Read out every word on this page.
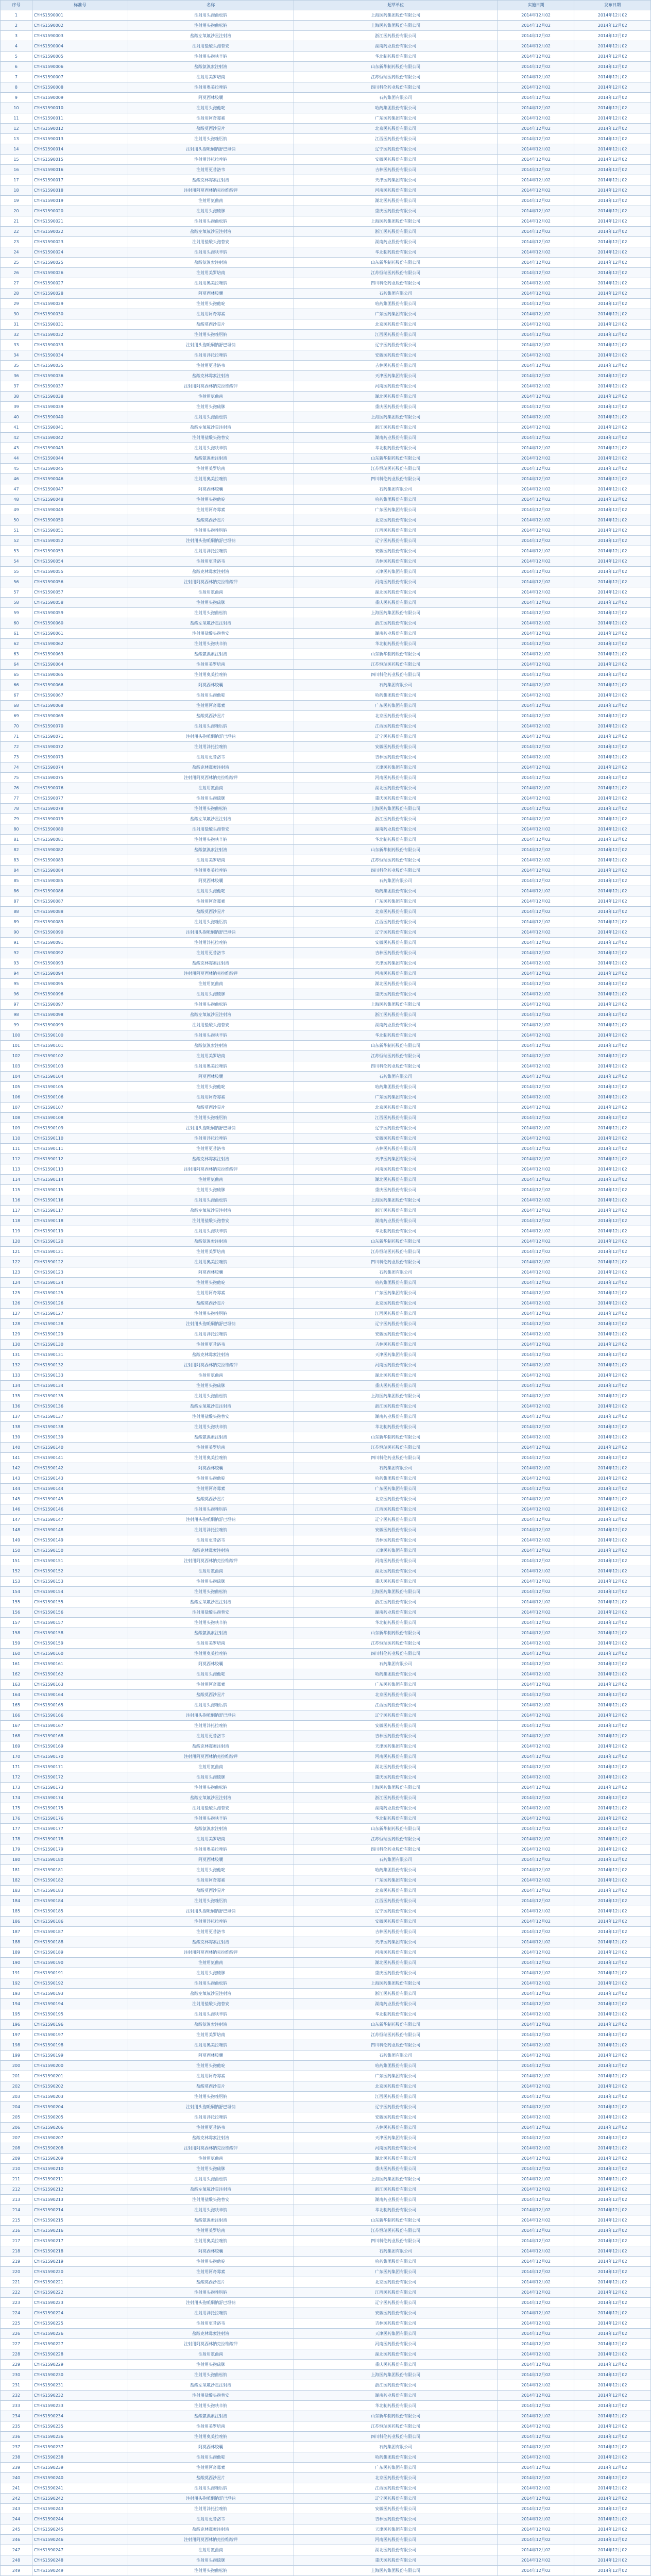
序号	标准号	名称	起草单位	实施日期	发布日期
1	CYHS1590001	注射用头孢曲松钠	上海医药集团股份有限公司	2014年12月02	2014年12月02
2	CYHS1590002	注射用头孢曲松钠	上海医药集团股份有限公司	2014年12月02	2014年12月02
3	CYHS1590003	盐酸左氧氟沙星注射液	浙江医药股份有限公司	2014年12月02	2014年12月02
4	CYHS1590004	注射用盐酸头孢替安	湖南药业股份有限公司	2014年12月02	2014年12月02
5	CYHS1590005	注射用头孢呋辛钠	华北制药股份有限公司	2014年12月02	2014年12月02
6	CYHS1590006	盐酸氨溴索注射液	山东新华制药股份有限公司	2014年12月02	2014年12月02
7	CYHS1590007	注射用美罗培南	江苏恒瑞医药股份有限公司	2014年12月02	2014年12月02
8	CYHS1590008	注射用奥美拉唑钠	四川科伦药业股份有限公司	2014年12月02	2014年12月02
9	CYHS1590009	阿莫西林胶囊	石药集团有限公司	2014年12月02	2014年12月02
10	CYHS1590010	注射用头孢他啶	哈药集团股份有限公司	2014年12月02	2014年12月02
11	CYHS1590011	注射用阿奇霉素	广东医药集团有限公司	2014年12月02	2014年12月02
12	CYHS1590012	盐酸莫西沙星片	北京医药股份有限公司	2014年12月02	2014年12月02
13	CYHS1590013	注射用头孢唑肟钠	江西医药股份有限公司	2014年12月02	2014年12月02
14	CYHS1590014	注射用头孢哌酮钠舒巴坦钠	辽宁医药股份有限公司	2014年12月02	2014年12月02
15	CYHS1590015	注射用泮托拉唑钠	安徽医药股份有限公司	2014年12月02	2014年12月02
16	CYHS1590016	注射用更昔洛韦	吉林医药股份有限公司	2014年12月02	2014年12月02
17	CYHS1590017	盐酸克林霉素注射液	天津医药集团有限公司	2014年12月02	2014年12月02
18	CYHS1590018	注射用阿莫西林钠克拉维酸钾	河南医药股份有限公司	2014年12月02	2014年12月02
19	CYHS1590019	注射用氨曲南	湖北医药股份有限公司	2014年12月02	2014年12月02
20	CYHS1590020	注射用头孢硫脒	重庆医药股份有限公司	2014年12月02	2014年12月02
21	CYHS1590021	注射用头孢曲松钠	上海医药集团股份有限公司	2014年12月02	2014年12月02
22	CYHS1590022	盐酸左氧氟沙星注射液	浙江医药股份有限公司	2014年12月02	2014年12月02
23	CYHS1590023	注射用盐酸头孢替安	湖南药业股份有限公司	2014年12月02	2014年12月02
24	CYHS1590024	注射用头孢呋辛钠	华北制药股份有限公司	2014年12月02	2014年12月02
25	CYHS1590025	盐酸氨溴索注射液	山东新华制药股份有限公司	2014年12月02	2014年12月02
26	CYHS1590026	注射用美罗培南	江苏恒瑞医药股份有限公司	2014年12月02	2014年12月02
27	CYHS1590027	注射用奥美拉唑钠	四川科伦药业股份有限公司	2014年12月02	2014年12月02
28	CYHS1590028	阿莫西林胶囊	石药集团有限公司	2014年12月02	2014年12月02
29	CYHS1590029	注射用头孢他啶	哈药集团股份有限公司	2014年12月02	2014年12月02
30	CYHS1590030	注射用阿奇霉素	广东医药集团有限公司	2014年12月02	2014年12月02
31	CYHS1590031	盐酸莫西沙星片	北京医药股份有限公司	2014年12月02	2014年12月02
32	CYHS1590032	注射用头孢唑肟钠	江西医药股份有限公司	2014年12月02	2014年12月02
33	CYHS1590033	注射用头孢哌酮钠舒巴坦钠	辽宁医药股份有限公司	2014年12月02	2014年12月02
34	CYHS1590034	注射用泮托拉唑钠	安徽医药股份有限公司	2014年12月02	2014年12月02
35	CYHS1590035	注射用更昔洛韦	吉林医药股份有限公司	2014年12月02	2014年12月02
36	CYHS1590036	盐酸克林霉素注射液	天津医药集团有限公司	2014年12月02	2014年12月02
37	CYHS1590037	注射用阿莫西林钠克拉维酸钾	河南医药股份有限公司	2014年12月02	2014年12月02
38	CYHS1590038	注射用氨曲南	湖北医药股份有限公司	2014年12月02	2014年12月02
39	CYHS1590039	注射用头孢硫脒	重庆医药股份有限公司	2014年12月02	2014年12月02
40	CYHS1590040	注射用头孢曲松钠	上海医药集团股份有限公司	2014年12月02	2014年12月02
41	CYHS1590041	盐酸左氧氟沙星注射液	浙江医药股份有限公司	2014年12月02	2014年12月02
42	CYHS1590042	注射用盐酸头孢替安	湖南药业股份有限公司	2014年12月02	2014年12月02
43	CYHS1590043	注射用头孢呋辛钠	华北制药股份有限公司	2014年12月02	2014年12月02
44	CYHS1590044	盐酸氨溴索注射液	山东新华制药股份有限公司	2014年12月02	2014年12月02
45	CYHS1590045	注射用美罗培南	江苏恒瑞医药股份有限公司	2014年12月02	2014年12月02
46	CYHS1590046	注射用奥美拉唑钠	四川科伦药业股份有限公司	2014年12月02	2014年12月02
47	CYHS1590047	阿莫西林胶囊	石药集团有限公司	2014年12月02	2014年12月02
48	CYHS1590048	注射用头孢他啶	哈药集团股份有限公司	2014年12月02	2014年12月02
49	CYHS1590049	注射用阿奇霉素	广东医药集团有限公司	2014年12月02	2014年12月02
50	CYHS1590050	盐酸莫西沙星片	北京医药股份有限公司	2014年12月02	2014年12月02
51	CYHS1590051	注射用头孢唑肟钠	江西医药股份有限公司	2014年12月02	2014年12月02
52	CYHS1590052	注射用头孢哌酮钠舒巴坦钠	辽宁医药股份有限公司	2014年12月02	2014年12月02
53	CYHS1590053	注射用泮托拉唑钠	安徽医药股份有限公司	2014年12月02	2014年12月02
54	CYHS1590054	注射用更昔洛韦	吉林医药股份有限公司	2014年12月02	2014年12月02
55	CYHS1590055	盐酸克林霉素注射液	天津医药集团有限公司	2014年12月02	2014年12月02
56	CYHS1590056	注射用阿莫西林钠克拉维酸钾	河南医药股份有限公司	2014年12月02	2014年12月02
57	CYHS1590057	注射用氨曲南	湖北医药股份有限公司	2014年12月02	2014年12月02
58	CYHS1590058	注射用头孢硫脒	重庆医药股份有限公司	2014年12月02	2014年12月02
59	CYHS1590059	注射用头孢曲松钠	上海医药集团股份有限公司	2014年12月02	2014年12月02
60	CYHS1590060	盐酸左氧氟沙星注射液	浙江医药股份有限公司	2014年12月02	2014年12月02
61	CYHS1590061	注射用盐酸头孢替安	湖南药业股份有限公司	2014年12月02	2014年12月02
62	CYHS1590062	注射用头孢呋辛钠	华北制药股份有限公司	2014年12月02	2014年12月02
63	CYHS1590063	盐酸氨溴索注射液	山东新华制药股份有限公司	2014年12月02	2014年12月02
64	CYHS1590064	注射用美罗培南	江苏恒瑞医药股份有限公司	2014年12月02	2014年12月02
65	CYHS1590065	注射用奥美拉唑钠	四川科伦药业股份有限公司	2014年12月02	2014年12月02
66	CYHS1590066	阿莫西林胶囊	石药集团有限公司	2014年12月02	2014年12月02
67	CYHS1590067	注射用头孢他啶	哈药集团股份有限公司	2014年12月02	2014年12月02
68	CYHS1590068	注射用阿奇霉素	广东医药集团有限公司	2014年12月02	2014年12月02
69	CYHS1590069	盐酸莫西沙星片	北京医药股份有限公司	2014年12月02	2014年12月02
70	CYHS1590070	注射用头孢唑肟钠	江西医药股份有限公司	2014年12月02	2014年12月02
71	CYHS1590071	注射用头孢哌酮钠舒巴坦钠	辽宁医药股份有限公司	2014年12月02	2014年12月02
72	CYHS1590072	注射用泮托拉唑钠	安徽医药股份有限公司	2014年12月02	2014年12月02
73	CYHS1590073	注射用更昔洛韦	吉林医药股份有限公司	2014年12月02	2014年12月02
74	CYHS1590074	盐酸克林霉素注射液	天津医药集团有限公司	2014年12月02	2014年12月02
75	CYHS1590075	注射用阿莫西林钠克拉维酸钾	河南医药股份有限公司	2014年12月02	2014年12月02
76	CYHS1590076	注射用氨曲南	湖北医药股份有限公司	2014年12月02	2014年12月02
77	CYHS1590077	注射用头孢硫脒	重庆医药股份有限公司	2014年12月02	2014年12月02
78	CYHS1590078	注射用头孢曲松钠	上海医药集团股份有限公司	2014年12月02	2014年12月02
79	CYHS1590079	盐酸左氧氟沙星注射液	浙江医药股份有限公司	2014年12月02	2014年12月02
80	CYHS1590080	注射用盐酸头孢替安	湖南药业股份有限公司	2014年12月02	2014年12月02
81	CYHS1590081	注射用头孢呋辛钠	华北制药股份有限公司	2014年12月02	2014年12月02
82	CYHS1590082	盐酸氨溴索注射液	山东新华制药股份有限公司	2014年12月02	2014年12月02
83	CYHS1590083	注射用美罗培南	江苏恒瑞医药股份有限公司	2014年12月02	2014年12月02
84	CYHS1590084	注射用奥美拉唑钠	四川科伦药业股份有限公司	2014年12月02	2014年12月02
85	CYHS1590085	阿莫西林胶囊	石药集团有限公司	2014年12月02	2014年12月02
86	CYHS1590086	注射用头孢他啶	哈药集团股份有限公司	2014年12月02	2014年12月02
87	CYHS1590087	注射用阿奇霉素	广东医药集团有限公司	2014年12月02	2014年12月02
88	CYHS1590088	盐酸莫西沙星片	北京医药股份有限公司	2014年12月02	2014年12月02
89	CYHS1590089	注射用头孢唑肟钠	江西医药股份有限公司	2014年12月02	2014年12月02
90	CYHS1590090	注射用头孢哌酮钠舒巴坦钠	辽宁医药股份有限公司	2014年12月02	2014年12月02
91	CYHS1590091	注射用泮托拉唑钠	安徽医药股份有限公司	2014年12月02	2014年12月02
92	CYHS1590092	注射用更昔洛韦	吉林医药股份有限公司	2014年12月02	2014年12月02
93	CYHS1590093	盐酸克林霉素注射液	天津医药集团有限公司	2014年12月02	2014年12月02
94	CYHS1590094	注射用阿莫西林钠克拉维酸钾	河南医药股份有限公司	2014年12月02	2014年12月02
95	CYHS1590095	注射用氨曲南	湖北医药股份有限公司	2014年12月02	2014年12月02
96	CYHS1590096	注射用头孢硫脒	重庆医药股份有限公司	2014年12月02	2014年12月02
97	CYHS1590097	注射用头孢曲松钠	上海医药集团股份有限公司	2014年12月02	2014年12月02
98	CYHS1590098	盐酸左氧氟沙星注射液	浙江医药股份有限公司	2014年12月02	2014年12月02
99	CYHS1590099	注射用盐酸头孢替安	湖南药业股份有限公司	2014年12月02	2014年12月02
100	CYHS1590100	注射用头孢呋辛钠	华北制药股份有限公司	2014年12月02	2014年12月02
101	CYHS1590101	盐酸氨溴索注射液	山东新华制药股份有限公司	2014年12月02	2014年12月02
102	CYHS1590102	注射用美罗培南	江苏恒瑞医药股份有限公司	2014年12月02	2014年12月02
103	CYHS1590103	注射用奥美拉唑钠	四川科伦药业股份有限公司	2014年12月02	2014年12月02
104	CYHS1590104	阿莫西林胶囊	石药集团有限公司	2014年12月02	2014年12月02
105	CYHS1590105	注射用头孢他啶	哈药集团股份有限公司	2014年12月02	2014年12月02
106	CYHS1590106	注射用阿奇霉素	广东医药集团有限公司	2014年12月02	2014年12月02
107	CYHS1590107	盐酸莫西沙星片	北京医药股份有限公司	2014年12月02	2014年12月02
108	CYHS1590108	注射用头孢唑肟钠	江西医药股份有限公司	2014年12月02	2014年12月02
109	CYHS1590109	注射用头孢哌酮钠舒巴坦钠	辽宁医药股份有限公司	2014年12月02	2014年12月02
110	CYHS1590110	注射用泮托拉唑钠	安徽医药股份有限公司	2014年12月02	2014年12月02
111	CYHS1590111	注射用更昔洛韦	吉林医药股份有限公司	2014年12月02	2014年12月02
112	CYHS1590112	盐酸克林霉素注射液	天津医药集团有限公司	2014年12月02	2014年12月02
113	CYHS1590113	注射用阿莫西林钠克拉维酸钾	河南医药股份有限公司	2014年12月02	2014年12月02
114	CYHS1590114	注射用氨曲南	湖北医药股份有限公司	2014年12月02	2014年12月02
115	CYHS1590115	注射用头孢硫脒	重庆医药股份有限公司	2014年12月02	2014年12月02
116	CYHS1590116	注射用头孢曲松钠	上海医药集团股份有限公司	2014年12月02	2014年12月02
117	CYHS1590117	盐酸左氧氟沙星注射液	浙江医药股份有限公司	2014年12月02	2014年12月02
118	CYHS1590118	注射用盐酸头孢替安	湖南药业股份有限公司	2014年12月02	2014年12月02
119	CYHS1590119	注射用头孢呋辛钠	华北制药股份有限公司	2014年12月02	2014年12月02
120	CYHS1590120	盐酸氨溴索注射液	山东新华制药股份有限公司	2014年12月02	2014年12月02
121	CYHS1590121	注射用美罗培南	江苏恒瑞医药股份有限公司	2014年12月02	2014年12月02
122	CYHS1590122	注射用奥美拉唑钠	四川科伦药业股份有限公司	2014年12月02	2014年12月02
123	CYHS1590123	阿莫西林胶囊	石药集团有限公司	2014年12月02	2014年12月02
124	CYHS1590124	注射用头孢他啶	哈药集团股份有限公司	2014年12月02	2014年12月02
125	CYHS1590125	注射用阿奇霉素	广东医药集团有限公司	2014年12月02	2014年12月02
126	CYHS1590126	盐酸莫西沙星片	北京医药股份有限公司	2014年12月02	2014年12月02
127	CYHS1590127	注射用头孢唑肟钠	江西医药股份有限公司	2014年12月02	2014年12月02
128	CYHS1590128	注射用头孢哌酮钠舒巴坦钠	辽宁医药股份有限公司	2014年12月02	2014年12月02
129	CYHS1590129	注射用泮托拉唑钠	安徽医药股份有限公司	2014年12月02	2014年12月02
130	CYHS1590130	注射用更昔洛韦	吉林医药股份有限公司	2014年12月02	2014年12月02
131	CYHS1590131	盐酸克林霉素注射液	天津医药集团有限公司	2014年12月02	2014年12月02
132	CYHS1590132	注射用阿莫西林钠克拉维酸钾	河南医药股份有限公司	2014年12月02	2014年12月02
133	CYHS1590133	注射用氨曲南	湖北医药股份有限公司	2014年12月02	2014年12月02
134	CYHS1590134	注射用头孢硫脒	重庆医药股份有限公司	2014年12月02	2014年12月02
135	CYHS1590135	注射用头孢曲松钠	上海医药集团股份有限公司	2014年12月02	2014年12月02
136	CYHS1590136	盐酸左氧氟沙星注射液	浙江医药股份有限公司	2014年12月02	2014年12月02
137	CYHS1590137	注射用盐酸头孢替安	湖南药业股份有限公司	2014年12月02	2014年12月02
138	CYHS1590138	注射用头孢呋辛钠	华北制药股份有限公司	2014年12月02	2014年12月02
139	CYHS1590139	盐酸氨溴索注射液	山东新华制药股份有限公司	2014年12月02	2014年12月02
140	CYHS1590140	注射用美罗培南	江苏恒瑞医药股份有限公司	2014年12月02	2014年12月02
141	CYHS1590141	注射用奥美拉唑钠	四川科伦药业股份有限公司	2014年12月02	2014年12月02
142	CYHS1590142	阿莫西林胶囊	石药集团有限公司	2014年12月02	2014年12月02
143	CYHS1590143	注射用头孢他啶	哈药集团股份有限公司	2014年12月02	2014年12月02
144	CYHS1590144	注射用阿奇霉素	广东医药集团有限公司	2014年12月02	2014年12月02
145	CYHS1590145	盐酸莫西沙星片	北京医药股份有限公司	2014年12月02	2014年12月02
146	CYHS1590146	注射用头孢唑肟钠	江西医药股份有限公司	2014年12月02	2014年12月02
147	CYHS1590147	注射用头孢哌酮钠舒巴坦钠	辽宁医药股份有限公司	2014年12月02	2014年12月02
148	CYHS1590148	注射用泮托拉唑钠	安徽医药股份有限公司	2014年12月02	2014年12月02
149	CYHS1590149	注射用更昔洛韦	吉林医药股份有限公司	2014年12月02	2014年12月02
150	CYHS1590150	盐酸克林霉素注射液	天津医药集团有限公司	2014年12月02	2014年12月02
151	CYHS1590151	注射用阿莫西林钠克拉维酸钾	河南医药股份有限公司	2014年12月02	2014年12月02
152	CYHS1590152	注射用氨曲南	湖北医药股份有限公司	2014年12月02	2014年12月02
153	CYHS1590153	注射用头孢硫脒	重庆医药股份有限公司	2014年12月02	2014年12月02
154	CYHS1590154	注射用头孢曲松钠	上海医药集团股份有限公司	2014年12月02	2014年12月02
155	CYHS1590155	盐酸左氧氟沙星注射液	浙江医药股份有限公司	2014年12月02	2014年12月02
156	CYHS1590156	注射用盐酸头孢替安	湖南药业股份有限公司	2014年12月02	2014年12月02
157	CYHS1590157	注射用头孢呋辛钠	华北制药股份有限公司	2014年12月02	2014年12月02
158	CYHS1590158	盐酸氨溴索注射液	山东新华制药股份有限公司	2014年12月02	2014年12月02
159	CYHS1590159	注射用美罗培南	江苏恒瑞医药股份有限公司	2014年12月02	2014年12月02
160	CYHS1590160	注射用奥美拉唑钠	四川科伦药业股份有限公司	2014年12月02	2014年12月02
161	CYHS1590161	阿莫西林胶囊	石药集团有限公司	2014年12月02	2014年12月02
162	CYHS1590162	注射用头孢他啶	哈药集团股份有限公司	2014年12月02	2014年12月02
163	CYHS1590163	注射用阿奇霉素	广东医药集团有限公司	2014年12月02	2014年12月02
164	CYHS1590164	盐酸莫西沙星片	北京医药股份有限公司	2014年12月02	2014年12月02
165	CYHS1590165	注射用头孢唑肟钠	江西医药股份有限公司	2014年12月02	2014年12月02
166	CYHS1590166	注射用头孢哌酮钠舒巴坦钠	辽宁医药股份有限公司	2014年12月02	2014年12月02
167	CYHS1590167	注射用泮托拉唑钠	安徽医药股份有限公司	2014年12月02	2014年12月02
168	CYHS1590168	注射用更昔洛韦	吉林医药股份有限公司	2014年12月02	2014年12月02
169	CYHS1590169	盐酸克林霉素注射液	天津医药集团有限公司	2014年12月02	2014年12月02
170	CYHS1590170	注射用阿莫西林钠克拉维酸钾	河南医药股份有限公司	2014年12月02	2014年12月02
171	CYHS1590171	注射用氨曲南	湖北医药股份有限公司	2014年12月02	2014年12月02
172	CYHS1590172	注射用头孢硫脒	重庆医药股份有限公司	2014年12月02	2014年12月02
173	CYHS1590173	注射用头孢曲松钠	上海医药集团股份有限公司	2014年12月02	2014年12月02
174	CYHS1590174	盐酸左氧氟沙星注射液	浙江医药股份有限公司	2014年12月02	2014年12月02
175	CYHS1590175	注射用盐酸头孢替安	湖南药业股份有限公司	2014年12月02	2014年12月02
176	CYHS1590176	注射用头孢呋辛钠	华北制药股份有限公司	2014年12月02	2014年12月02
177	CYHS1590177	盐酸氨溴索注射液	山东新华制药股份有限公司	2014年12月02	2014年12月02
178	CYHS1590178	注射用美罗培南	江苏恒瑞医药股份有限公司	2014年12月02	2014年12月02
179	CYHS1590179	注射用奥美拉唑钠	四川科伦药业股份有限公司	2014年12月02	2014年12月02
180	CYHS1590180	阿莫西林胶囊	石药集团有限公司	2014年12月02	2014年12月02
181	CYHS1590181	注射用头孢他啶	哈药集团股份有限公司	2014年12月02	2014年12月02
182	CYHS1590182	注射用阿奇霉素	广东医药集团有限公司	2014年12月02	2014年12月02
183	CYHS1590183	盐酸莫西沙星片	北京医药股份有限公司	2014年12月02	2014年12月02
184	CYHS1590184	注射用头孢唑肟钠	江西医药股份有限公司	2014年12月02	2014年12月02
185	CYHS1590185	注射用头孢哌酮钠舒巴坦钠	辽宁医药股份有限公司	2014年12月02	2014年12月02
186	CYHS1590186	注射用泮托拉唑钠	安徽医药股份有限公司	2014年12月02	2014年12月02
187	CYHS1590187	注射用更昔洛韦	吉林医药股份有限公司	2014年12月02	2014年12月02
188	CYHS1590188	盐酸克林霉素注射液	天津医药集团有限公司	2014年12月02	2014年12月02
189	CYHS1590189	注射用阿莫西林钠克拉维酸钾	河南医药股份有限公司	2014年12月02	2014年12月02
190	CYHS1590190	注射用氨曲南	湖北医药股份有限公司	2014年12月02	2014年12月02
191	CYHS1590191	注射用头孢硫脒	重庆医药股份有限公司	2014年12月02	2014年12月02
192	CYHS1590192	注射用头孢曲松钠	上海医药集团股份有限公司	2014年12月02	2014年12月02
193	CYHS1590193	盐酸左氧氟沙星注射液	浙江医药股份有限公司	2014年12月02	2014年12月02
194	CYHS1590194	注射用盐酸头孢替安	湖南药业股份有限公司	2014年12月02	2014年12月02
195	CYHS1590195	注射用头孢呋辛钠	华北制药股份有限公司	2014年12月02	2014年12月02
196	CYHS1590196	盐酸氨溴索注射液	山东新华制药股份有限公司	2014年12月02	2014年12月02
197	CYHS1590197	注射用美罗培南	江苏恒瑞医药股份有限公司	2014年12月02	2014年12月02
198	CYHS1590198	注射用奥美拉唑钠	四川科伦药业股份有限公司	2014年12月02	2014年12月02
199	CYHS1590199	阿莫西林胶囊	石药集团有限公司	2014年12月02	2014年12月02
200	CYHS1590200	注射用头孢他啶	哈药集团股份有限公司	2014年12月02	2014年12月02
201	CYHS1590201	注射用阿奇霉素	广东医药集团有限公司	2014年12月02	2014年12月02
202	CYHS1590202	盐酸莫西沙星片	北京医药股份有限公司	2014年12月02	2014年12月02
203	CYHS1590203	注射用头孢唑肟钠	江西医药股份有限公司	2014年12月02	2014年12月02
204	CYHS1590204	注射用头孢哌酮钠舒巴坦钠	辽宁医药股份有限公司	2014年12月02	2014年12月02
205	CYHS1590205	注射用泮托拉唑钠	安徽医药股份有限公司	2014年12月02	2014年12月02
206	CYHS1590206	注射用更昔洛韦	吉林医药股份有限公司	2014年12月02	2014年12月02
207	CYHS1590207	盐酸克林霉素注射液	天津医药集团有限公司	2014年12月02	2014年12月02
208	CYHS1590208	注射用阿莫西林钠克拉维酸钾	河南医药股份有限公司	2014年12月02	2014年12月02
209	CYHS1590209	注射用氨曲南	湖北医药股份有限公司	2014年12月02	2014年12月02
210	CYHS1590210	注射用头孢硫脒	重庆医药股份有限公司	2014年12月02	2014年12月02
211	CYHS1590211	注射用头孢曲松钠	上海医药集团股份有限公司	2014年12月02	2014年12月02
212	CYHS1590212	盐酸左氧氟沙星注射液	浙江医药股份有限公司	2014年12月02	2014年12月02
213	CYHS1590213	注射用盐酸头孢替安	湖南药业股份有限公司	2014年12月02	2014年12月02
214	CYHS1590214	注射用头孢呋辛钠	华北制药股份有限公司	2014年12月02	2014年12月02
215	CYHS1590215	盐酸氨溴索注射液	山东新华制药股份有限公司	2014年12月02	2014年12月02
216	CYHS1590216	注射用美罗培南	江苏恒瑞医药股份有限公司	2014年12月02	2014年12月02
217	CYHS1590217	注射用奥美拉唑钠	四川科伦药业股份有限公司	2014年12月02	2014年12月02
218	CYHS1590218	阿莫西林胶囊	石药集团有限公司	2014年12月02	2014年12月02
219	CYHS1590219	注射用头孢他啶	哈药集团股份有限公司	2014年12月02	2014年12月02
220	CYHS1590220	注射用阿奇霉素	广东医药集团有限公司	2014年12月02	2014年12月02
221	CYHS1590221	盐酸莫西沙星片	北京医药股份有限公司	2014年12月02	2014年12月02
222	CYHS1590222	注射用头孢唑肟钠	江西医药股份有限公司	2014年12月02	2014年12月02
223	CYHS1590223	注射用头孢哌酮钠舒巴坦钠	辽宁医药股份有限公司	2014年12月02	2014年12月02
224	CYHS1590224	注射用泮托拉唑钠	安徽医药股份有限公司	2014年12月02	2014年12月02
225	CYHS1590225	注射用更昔洛韦	吉林医药股份有限公司	2014年12月02	2014年12月02
226	CYHS1590226	盐酸克林霉素注射液	天津医药集团有限公司	2014年12月02	2014年12月02
227	CYHS1590227	注射用阿莫西林钠克拉维酸钾	河南医药股份有限公司	2014年12月02	2014年12月02
228	CYHS1590228	注射用氨曲南	湖北医药股份有限公司	2014年12月02	2014年12月02
229	CYHS1590229	注射用头孢硫脒	重庆医药股份有限公司	2014年12月02	2014年12月02
230	CYHS1590230	注射用头孢曲松钠	上海医药集团股份有限公司	2014年12月02	2014年12月02
231	CYHS1590231	盐酸左氧氟沙星注射液	浙江医药股份有限公司	2014年12月02	2014年12月02
232	CYHS1590232	注射用盐酸头孢替安	湖南药业股份有限公司	2014年12月02	2014年12月02
233	CYHS1590233	注射用头孢呋辛钠	华北制药股份有限公司	2014年12月02	2014年12月02
234	CYHS1590234	盐酸氨溴索注射液	山东新华制药股份有限公司	2014年12月02	2014年12月02
235	CYHS1590235	注射用美罗培南	江苏恒瑞医药股份有限公司	2014年12月02	2014年12月02
236	CYHS1590236	注射用奥美拉唑钠	四川科伦药业股份有限公司	2014年12月02	2014年12月02
237	CYHS1590237	阿莫西林胶囊	石药集团有限公司	2014年12月02	2014年12月02
238	CYHS1590238	注射用头孢他啶	哈药集团股份有限公司	2014年12月02	2014年12月02
239	CYHS1590239	注射用阿奇霉素	广东医药集团有限公司	2014年12月02	2014年12月02
240	CYHS1590240	盐酸莫西沙星片	北京医药股份有限公司	2014年12月02	2014年12月02
241	CYHS1590241	注射用头孢唑肟钠	江西医药股份有限公司	2014年12月02	2014年12月02
242	CYHS1590242	注射用头孢哌酮钠舒巴坦钠	辽宁医药股份有限公司	2014年12月02	2014年12月02
243	CYHS1590243	注射用泮托拉唑钠	安徽医药股份有限公司	2014年12月02	2014年12月02
244	CYHS1590244	注射用更昔洛韦	吉林医药股份有限公司	2014年12月02	2014年12月02
245	CYHS1590245	盐酸克林霉素注射液	天津医药集团有限公司	2014年12月02	2014年12月02
246	CYHS1590246	注射用阿莫西林钠克拉维酸钾	河南医药股份有限公司	2014年12月02	2014年12月02
247	CYHS1590247	注射用氨曲南	湖北医药股份有限公司	2014年12月02	2014年12月02
248	CYHS1590248	注射用头孢硫脒	重庆医药股份有限公司	2014年12月02	2014年12月02
249	CYHS1590249	注射用头孢曲松钠	上海医药集团股份有限公司	2014年12月02	2014年12月02
